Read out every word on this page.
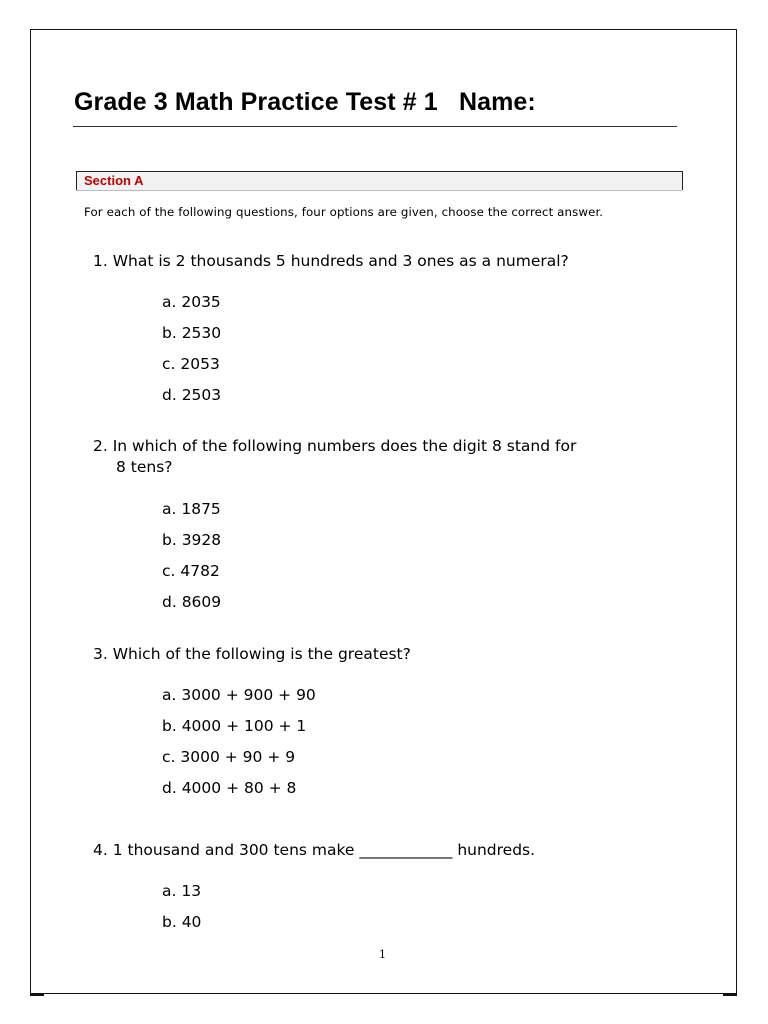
Grade 3 Math Practice Test # 1   Name:
Section A
For each of the following questions, four options are given, choose the correct answer.
1. What is 2 thousands 5 hundreds and 3 ones as a numeral?
a. 2035
b. 2530
c. 2053
d. 2503
2. In which of the following numbers does the digit 8 stand for
8 tens?
a. 1875
b. 3928
c. 4782
d. 8609
3. Which of the following is the greatest?
a. 3000 + 900 + 90
b. 4000 + 100 + 1
c. 3000 + 90 + 9
d. 4000 + 80 + 8
4. 1 thousand and 300 tens make ____________ hundreds.
a. 13
b. 40
1
